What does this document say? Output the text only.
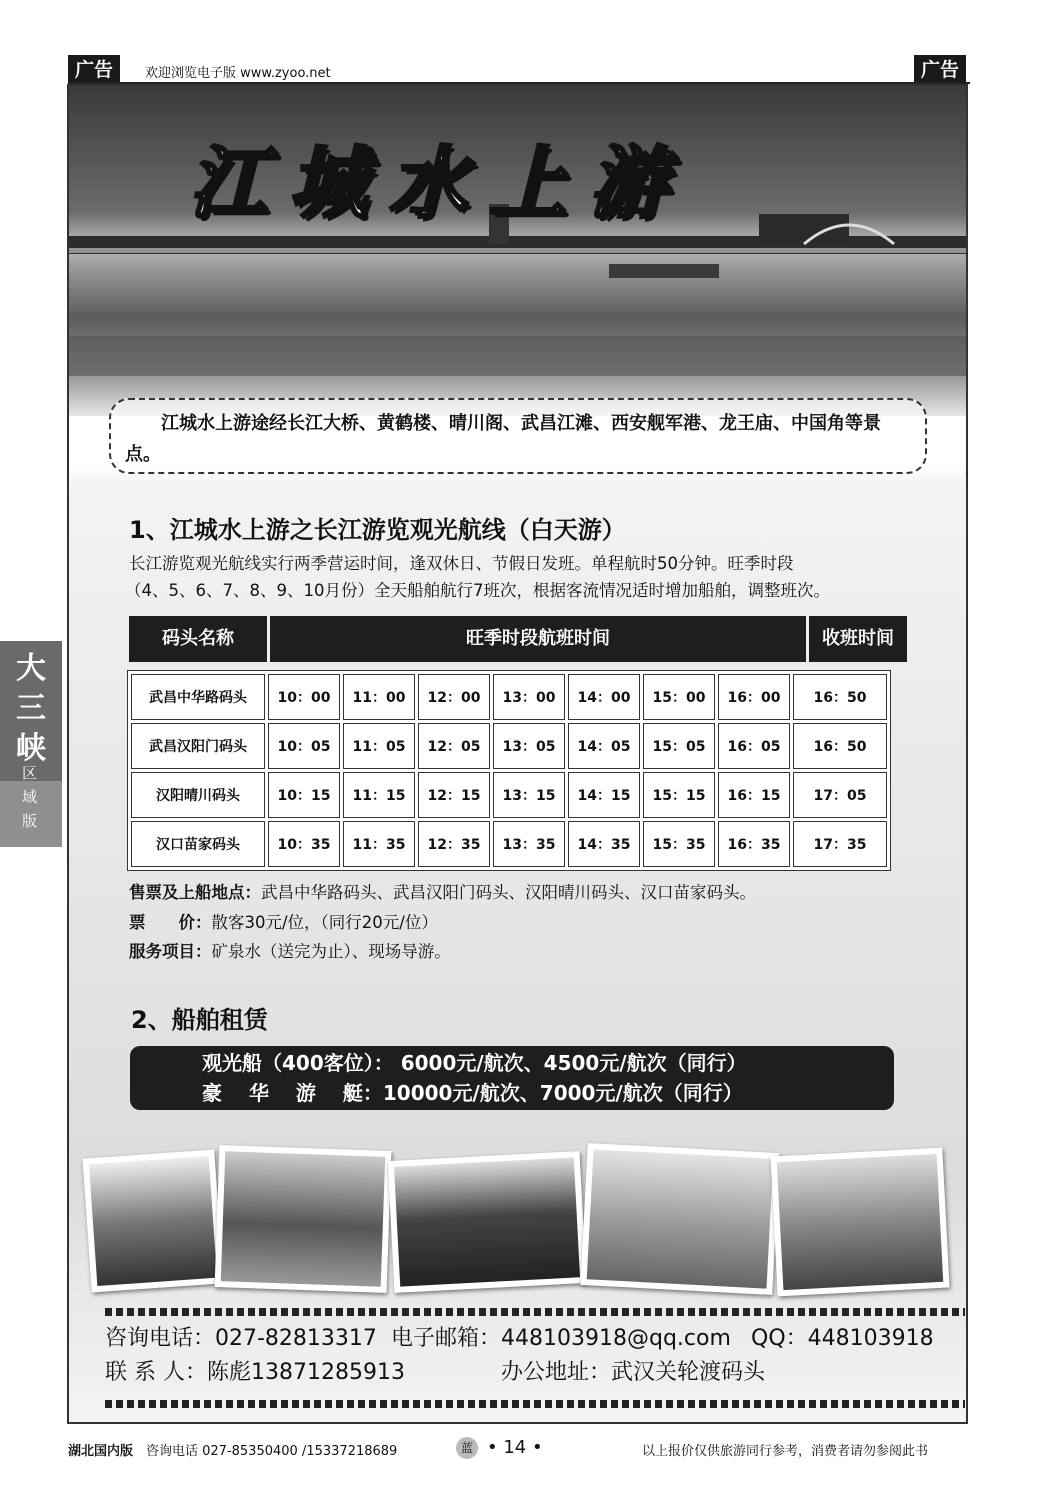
广告	欢迎浏览电子版 www.zyoo.net	广告
大三峡
区
域
版
江城水上游
江城水上游途经长江大桥、黄鹤楼、晴川阁、武昌江滩、西安舰军港、龙王庙、中国角等景点。
1、江城水上游之长江游览观光航线（白天游）
长江游览观光航线实行两季营运时间，逢双休日、节假日发班。单程航时50分钟。旺季时段
（4、5、6、7、8、9、10月份）全天船舶航行7班次，根据客流情况适时增加船舶，调整班次。
码头名称	旺季时段航班时间	收班时间
武昌中华路码头	10：00	11：00	12：00	13：00	14：00	15：00	16：00	16：50
武昌汉阳门码头	10：05	11：05	12：05	13：05	14：05	15：05	16：05	16：50
汉阳晴川码头	10：15	11：15	12：15	13：15	14：15	15：15	16：15	17：05
汉口苗家码头	10：35	11：35	12：35	13：35	14：35	15：35	16：35	17：35
售票及上船地点：武昌中华路码头、武昌汉阳门码头、汉阳晴川码头、汉口苗家码头。
票　　价：散客30元/位，（同行20元/位）
服务项目：矿泉水（送完为止）、现场导游。
2、船舶租赁
观光船（400客位）： 6000元/航次、4500元/航次（同行）
豪　 华　 游　 艇：10000元/航次、7000元/航次（同行）
咨询电话：027-82813317 电子邮箱：448103918@qq.com QQ：448103918
联 系 人：陈彪13871285913	办公地址：武汉关轮渡码头
湖北国内版 咨询电话 027-85350400 /15337218689	蓝 • 14 •	以上报价仅供旅游同行参考，消费者请勿参阅此书
